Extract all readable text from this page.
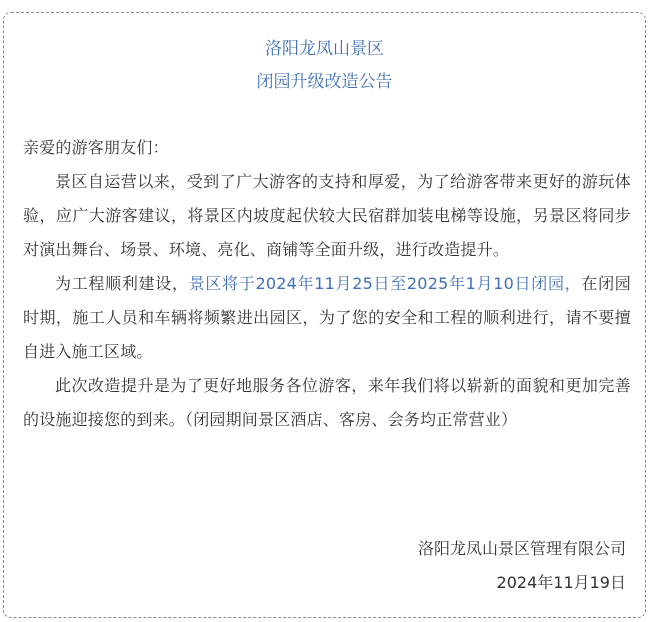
洛阳龙凤山景区
闭园升级改造公告

亲爱的游客朋友们：

景区自运营以来，受到了广大游客的支持和厚爱，为了给游客带来更好的游玩体验，应广大游客建议，将景区内坡度起伏较大民宿群加装电梯等设施，另景区将同步对演出舞台、场景、环境、亮化、商铺等全面升级，进行改造提升。

为工程顺利建设，景区将于2024年11月25日至2025年1月10日闭园，在闭园时期，施工人员和车辆将频繁进出园区，为了您的安全和工程的顺利进行，请不要擅自进入施工区域。

此次改造提升是为了更好地服务各位游客，来年我们将以崭新的面貌和更加完善的设施迎接您的到来。（闭园期间景区酒店、客房、会务均正常营业）

洛阳龙凤山景区管理有限公司
2024年11月19日
